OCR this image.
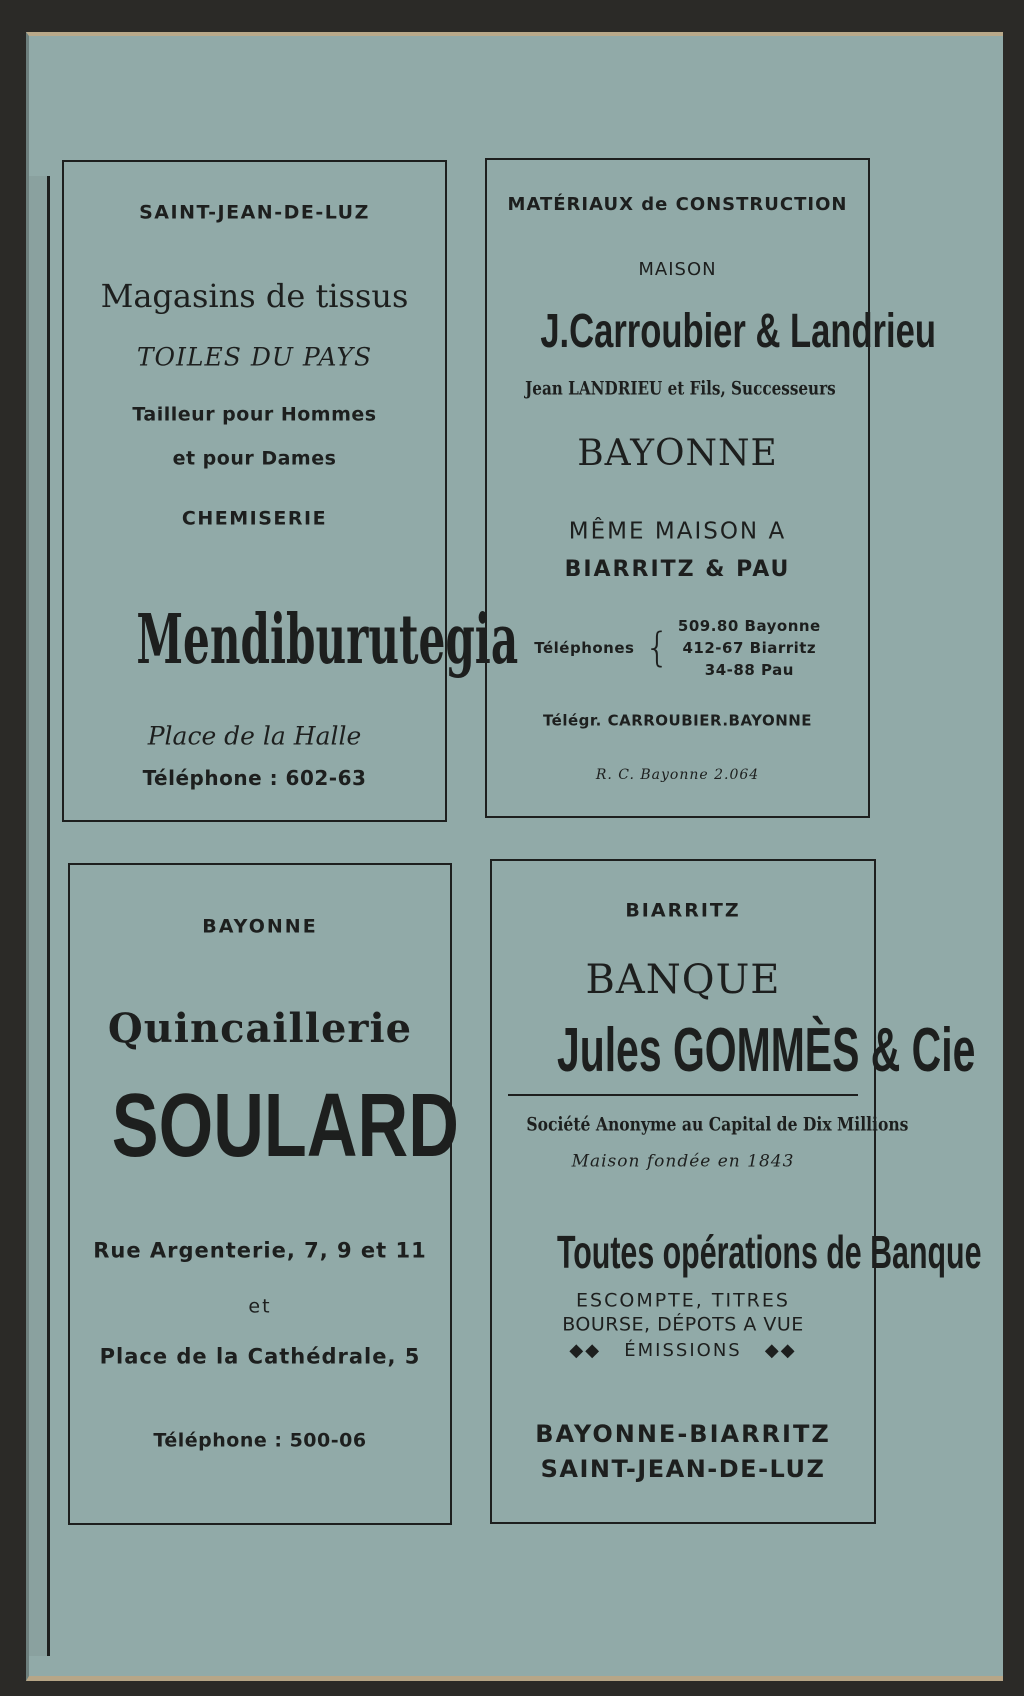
SAINT-JEAN-DE-LUZ
Magasins de tissus
TOILES DU PAYS
Tailleur pour Hommes
et pour Dames
CHEMISERIE
Mendiburutegia
Place de la Halle
Téléphone : 602-63
MATÉRIAUX de CONSTRUCTION
MAISON
J.Carroubier & Landrieu
Jean LANDRIEU et Fils, Successeurs
BAYONNE
MÊME MAISON A
BIARRITZ & PAU
Téléphones { 509.80 Bayonne
412-67 Biarritz
34-88 Pau
Télégr. CARROUBIER.BAYONNE
R. C. Bayonne 2.064
BAYONNE
Quincaillerie
SOULARD
Rue Argenterie, 7, 9 et 11
et
Place de la Cathédrale, 5
Téléphone : 500-06
BIARRITZ
BANQUE
Jules GOMMÈS & Cie
Société Anonyme au Capital de Dix Millions
Maison fondée en 1843
Toutes opérations de Banque
ESCOMPTE, TITRES
BOURSE, DÉPOTS A VUE
◆◆   ÉMISSIONS   ◆◆
BAYONNE-BIARRITZ
SAINT-JEAN-DE-LUZ
